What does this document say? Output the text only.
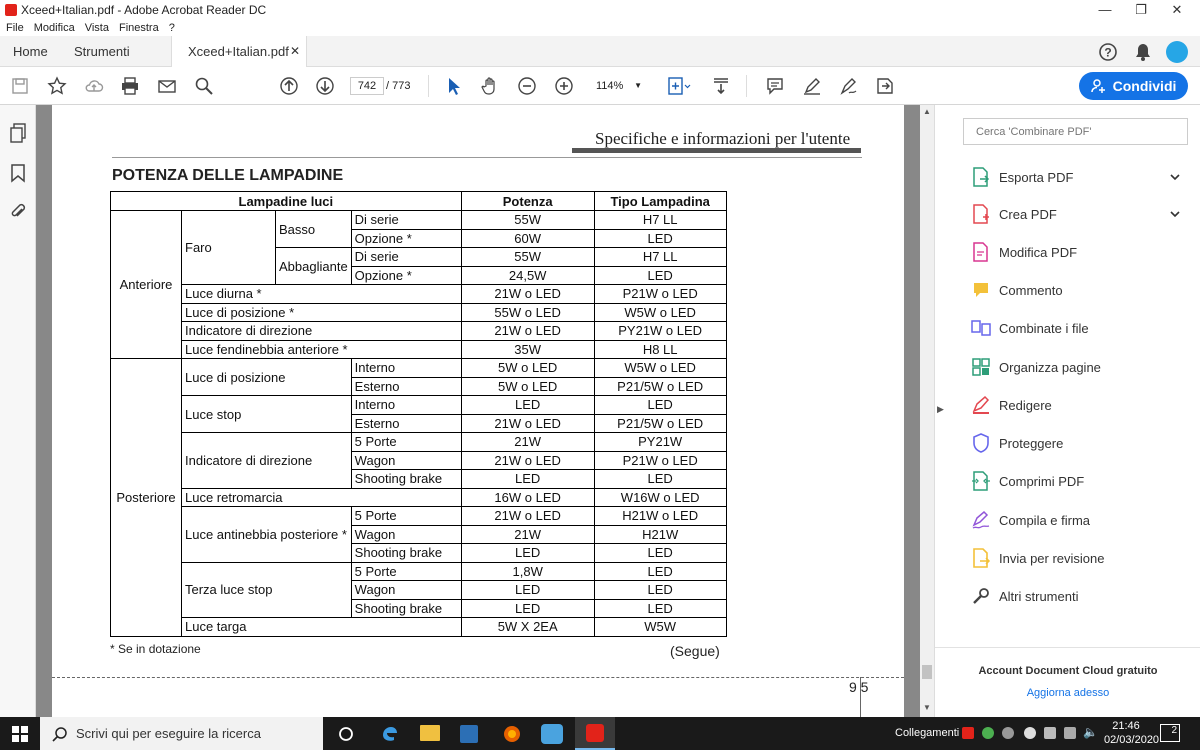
Xceed+Italian.pdf - Adobe Acrobat Reader DC	—	❐	✕
File Modifica Vista Finestra ?
Home Strumenti	Xceed+Italian.pdf ✕	?
742 / 773	114% ▼	Condividi
Specifiche e informazioni per l'utente
POTENZA DELLE LAMPADINE
Lampadine luci				Potenza	Tipo Lampadina
Anteriore	Faro	Basso	Di serie	55W	H7 LL
			Opzione *	60W	LED
		Abbagliante	Di serie	55W	H7 LL
			Opzione *	24,5W	LED
	Luce diurna *			21W o LED	P21W o LED
	Luce di posizione *			55W o LED	W5W o LED
	Indicatore di direzione			21W o LED	PY21W o LED
	Luce fendinebbia anteriore *			35W	H8 LL
Posteriore	Luce di posizione		Interno	5W o LED	W5W o LED
			Esterno	5W o LED	P21/5W o LED
	Luce stop		Interno	LED	LED
			Esterno	21W o LED	P21/5W o LED
	Indicatore di direzione		5 Porte	21W	PY21W
			Wagon	21W o LED	P21W o LED
			Shooting brake	LED	LED
	Luce retromarcia			16W o LED	W16W o LED
	Luce antinebbia posteriore *		5 Porte	21W o LED	H21W o LED
			Wagon	21W	H21W
			Shooting brake	LED	LED
	Terza luce stop		5 Porte	1,8W	LED
			Wagon	LED	LED
			Shooting brake	LED	LED
	Luce targa			5W X 2EA	W5W
* Se in dotazione	(Segue)
9 5
▲
▼
▶
Cerca 'Combinare PDF'
Esporta PDF
Crea PDF
Modifica PDF
Commento
Combinate i file
Organizza pagine
Redigere
Proteggere
Comprimi PDF
Compila e firma
Invia per revisione
Altri strumenti
Account Document Cloud gratuito
Aggiorna adesso
Scrivi qui per eseguire la ricerca	Collegamenti	🔈	21:46
02/03/2020
2
